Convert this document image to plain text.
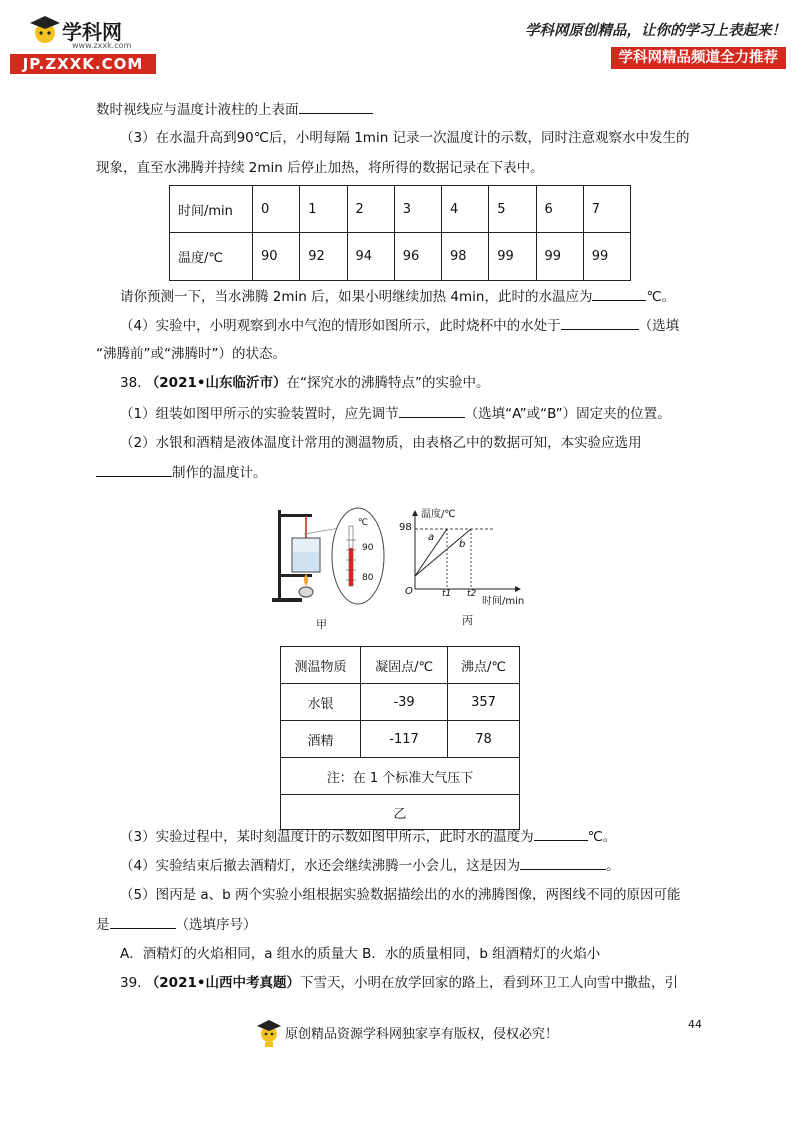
学科网
www.zxxk.com
JP.ZXXK.COM
学科网原创精品，让你的学习上表起来！
学科网精品频道全力推荐
数时视线应与温度计液柱的上表面
（3）在水温升高到90℃后，小明每隔 1min 记录一次温度计的示数，同时注意观察水中发生的
现象，直至水沸腾并持续 2min 后停止加热，将所得的数据记录在下表中。
时间/min	0	1	2	3	4	5	6	7
温度/℃	90	92	94	96	98	99	99	99
请你预测一下，当水沸腾 2min 后，如果小明继续加热 4min，此时的水温应为	℃。
（4）实验中，小明观察到水中气泡的情形如图所示，此时烧杯中的水处于	（选填
“沸腾前”或“沸腾时”）的状态。
38. （2021•山东临沂市）在“探究水的沸腾特点”的实验中。
（1）组装如图甲所示的实验装置时，应先调节	（选填“A”或“B”）固定夹的位置。
（2）水银和酒精是液体温度计常用的测温物质，由表格乙中的数据可知，本实验应选用
制作的温度计。
℃
90
80
甲
温度/℃
98
a
b
O	t1 t2
时间/min
丙
测温物质	凝固点/℃	沸点/℃
水银	-39	357
酒精	-117	78
注：在 1 个标准大气压下		
乙		
（3）实验过程中，某时刻温度计的示数如图甲所示，此时水的温度为	℃。
（4）实验结束后撤去酒精灯，水还会继续沸腾一小会儿，这是因为	。
（5）图丙是 a、b 两个实验小组根据实验数据描绘出的水的沸腾图像，两图线不同的原因可能
是	（选填序号）
A．酒精灯的火焰相同，a 组水的质量大 B．水的质量相同，b 组酒精灯的火焰小
39. （2021•山西中考真题）下雪天，小明在放学回家的路上，看到环卫工人向雪中撒盐，引
44
原创精品资源学科网独家享有版权，侵权必究！
